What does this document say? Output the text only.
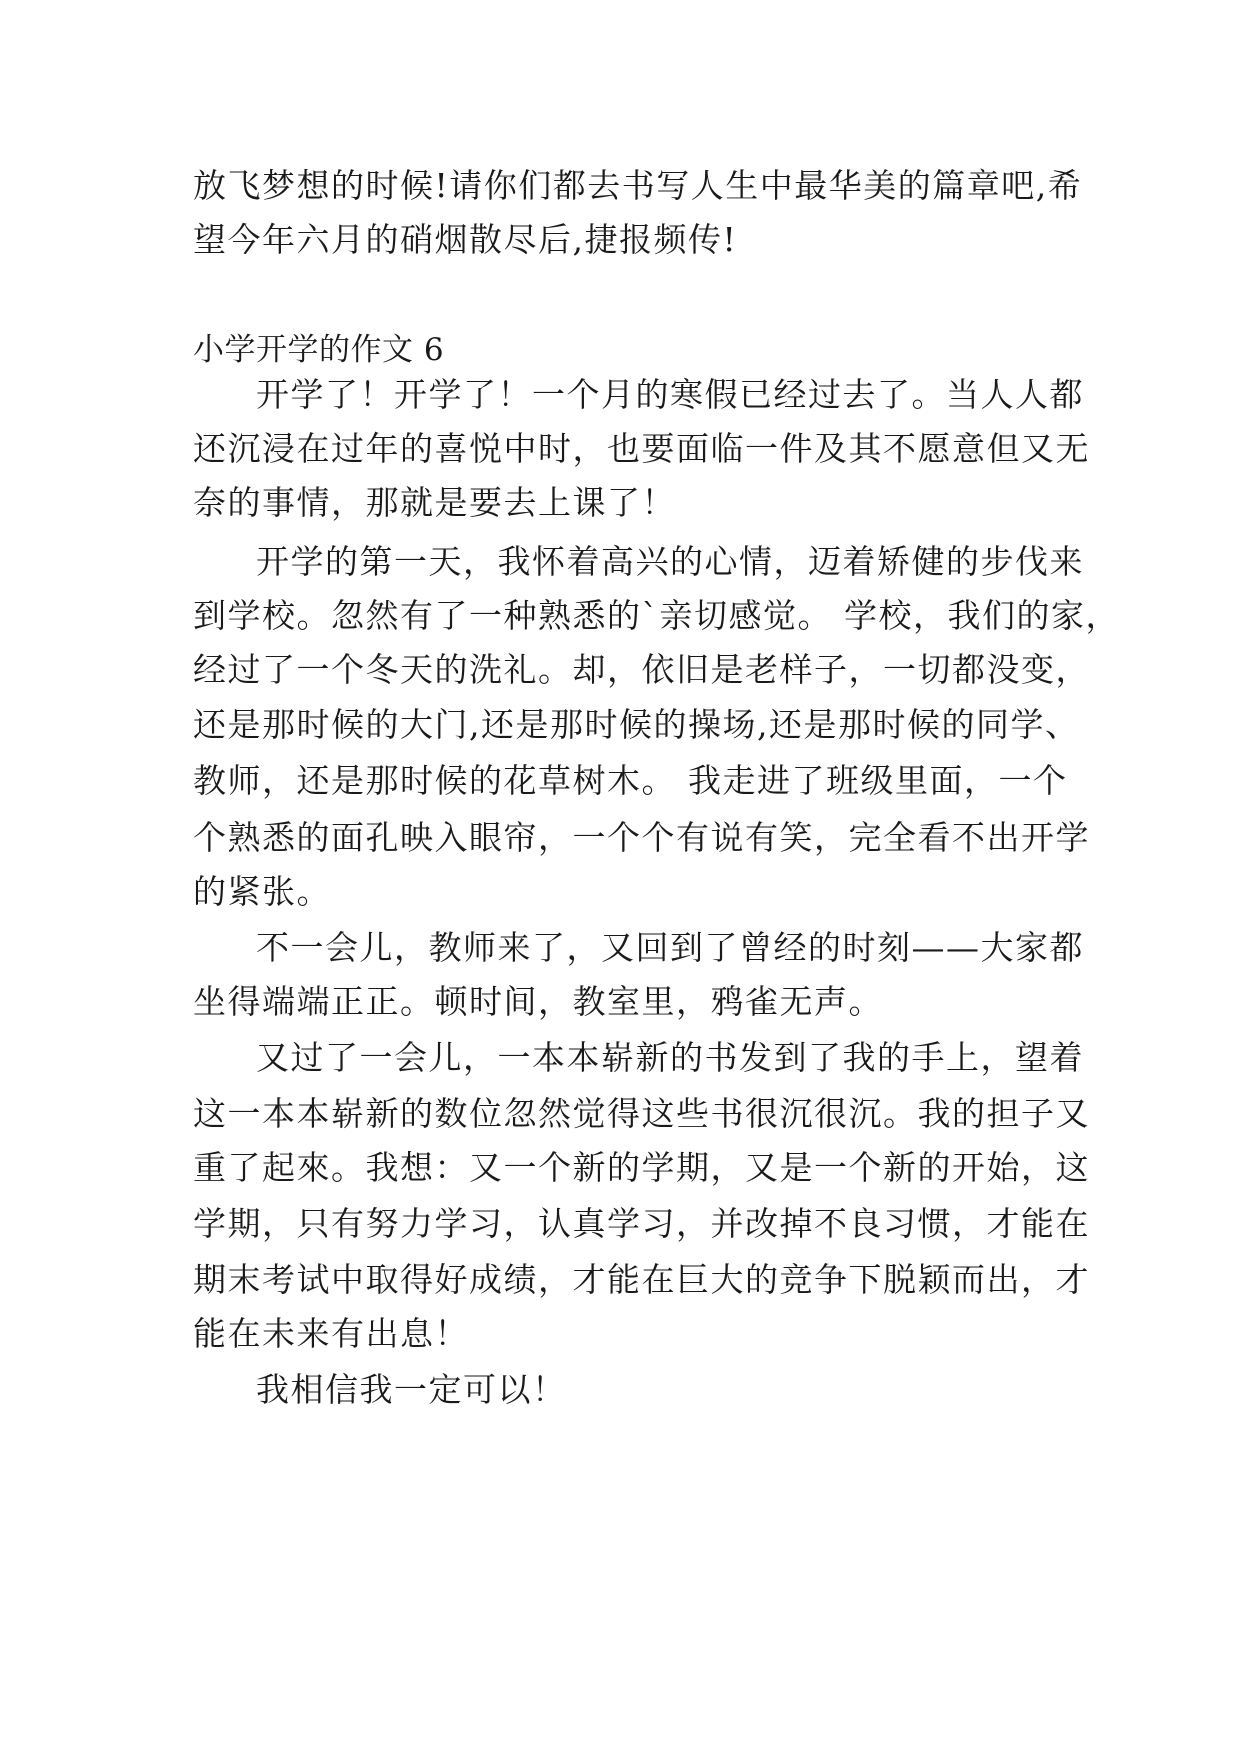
放飞梦想的时候!请你们都去书写人生中最华美的篇章吧,希
望今年六月的硝烟散尽后,捷报频传!
小学开学的作文 6
开学了！开学了！一个月的寒假已经过去了。当人人都
还沉浸在过年的喜悦中时，也要面临一件及其不愿意但又无
奈的事情，那就是要去上课了！
开学的第一天，我怀着高兴的心情，迈着矫健的步伐来
到学校。忽然有了一种熟悉的`亲切感觉。 学校，我们的家，
经过了一个冬天的洗礼。却，依旧是老样子，一切都没变，
还是那时候的大门,还是那时候的操场,还是那时候的同学、
教师，还是那时候的花草树木。 我走进了班级里面，一个
个熟悉的面孔映入眼帘，一个个有说有笑，完全看不出开学
的紧张。
不一会儿，教师来了，又回到了曾经的时刻——大家都
坐得端端正正。顿时间，教室里，鸦雀无声。
又过了一会儿，一本本崭新的书发到了我的手上，望着
这一本本崭新的数位忽然觉得这些书很沉很沉。我的担子又
重了起來。我想：又一个新的学期，又是一个新的开始，这
学期，只有努力学习，认真学习，并改掉不良习惯，才能在
期末考试中取得好成绩，才能在巨大的竞争下脱颖而出，才
能在未来有出息！
我相信我一定可以！
